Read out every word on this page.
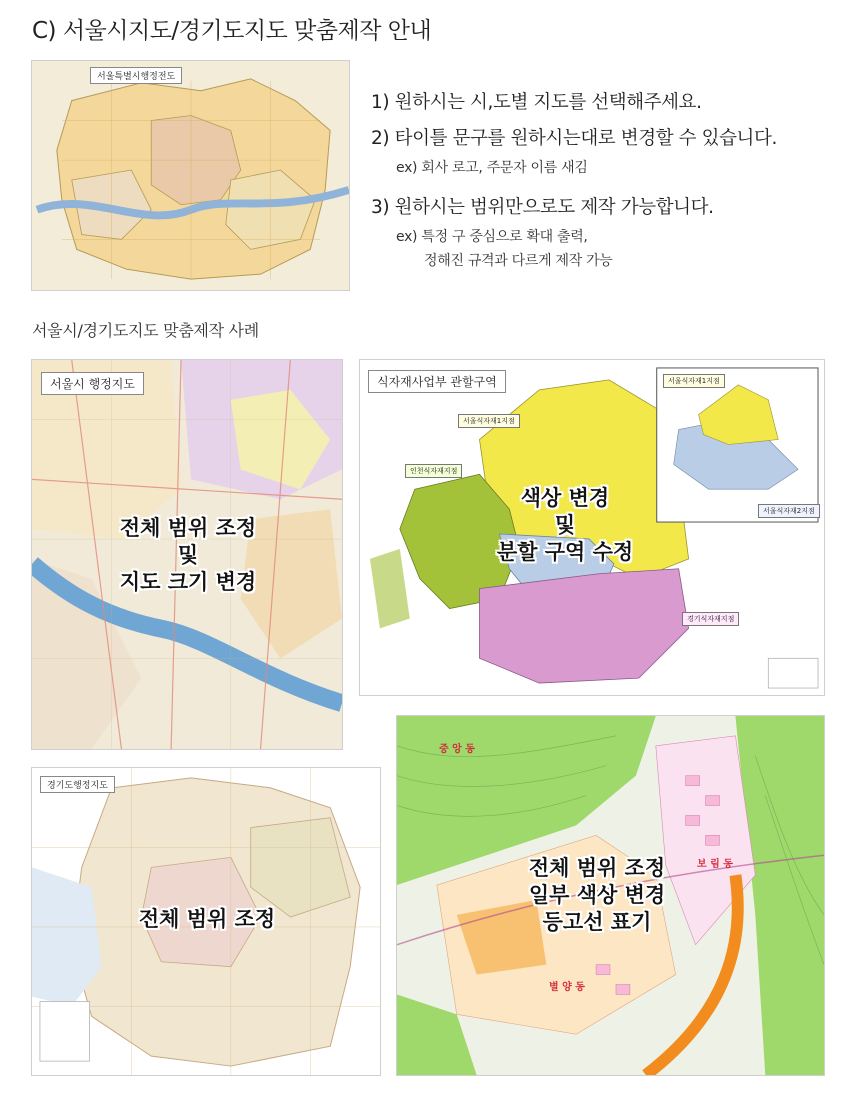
C) 서울시지도/경기도지도 맞춤제작 안내
서울특별시행정전도
1) 원하시는 시,도별 지도를 선택해주세요.
2) 타이틀 문구를 원하시는대로 변경할 수 있습니다.
ex) 회사 로고, 주문자 이름 새김
3) 원하시는 범위만으로도 제작 가능합니다.
ex) 특정 구 중심으로 확대 출력,
정해진 규격과 다르게 제작 가능
서울시/경기도지도 맞춤제작 사례
서울시 행정지도
전체 범위 조정
및
지도 크기 변경
식자재사업부 관할구역
서울식자재1지점
인천식자재지점
경기식자재지점
서울식자재1지점
서울식자재2지점
색상 변경
및
분할 구역 수정
경기도행정지도
전체 범위 조정
중 앙 동
보 림 동
별 양 동
전체 범위 조정
일부 색상 변경
등고선 표기
